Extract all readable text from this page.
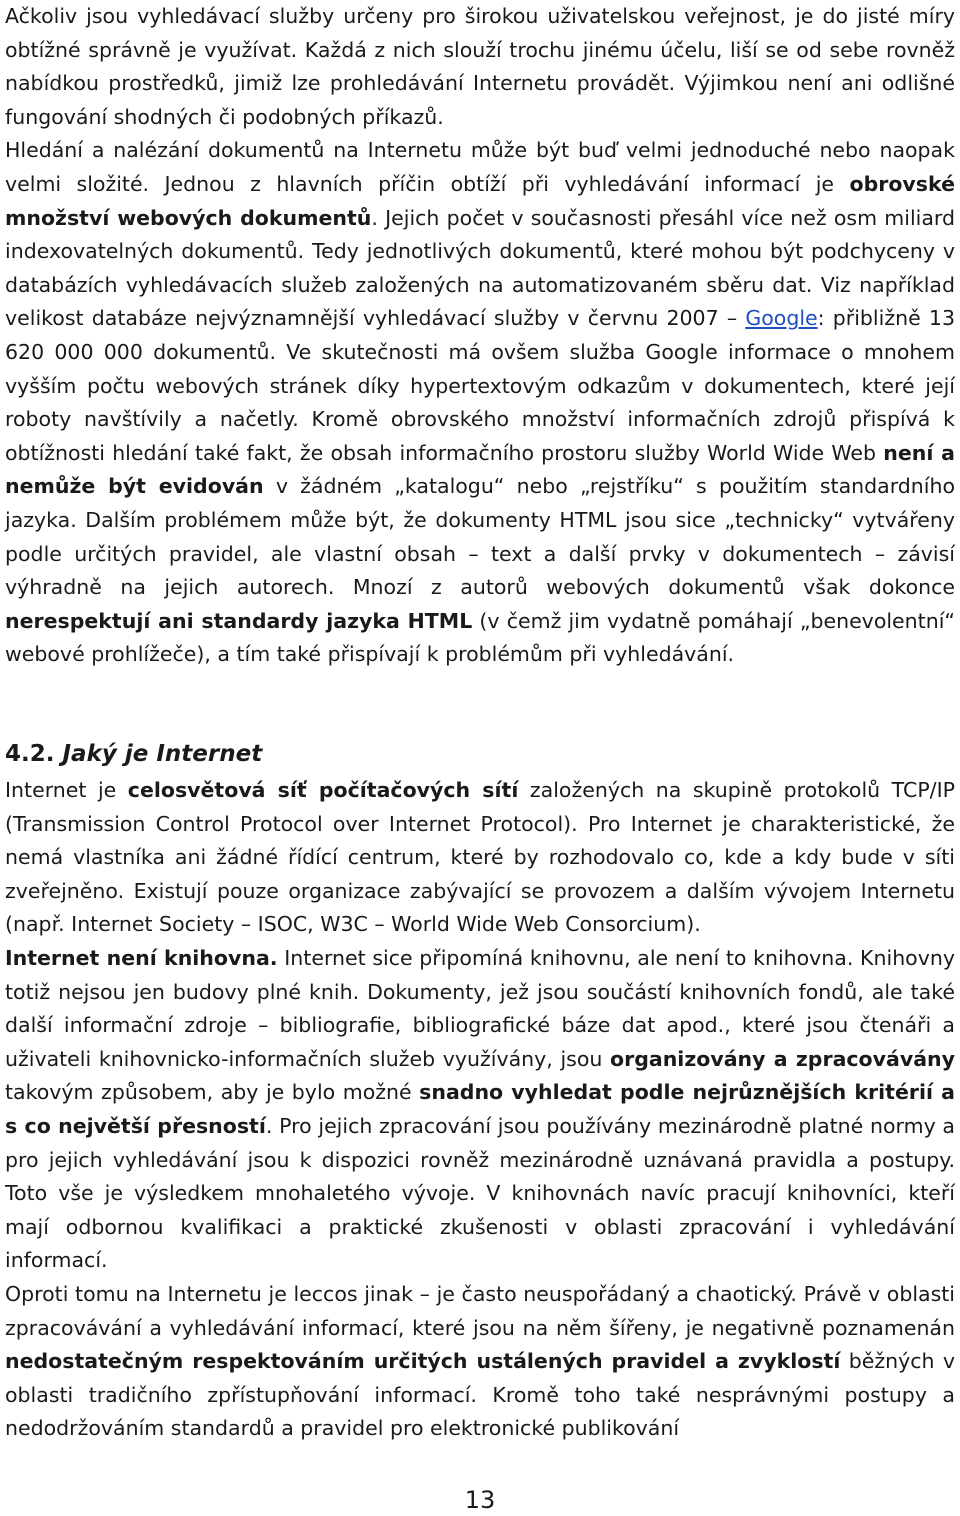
Ačkoliv jsou vyhledávací služby určeny pro širokou uživatelskou veřejnost, je do jisté míry obtížné správně je využívat. Každá z nich slouží trochu jinému účelu, liší se od sebe rovněž nabídkou prostředků, jimiž lze prohledávání Internetu provádět. Výjimkou není ani odlišné fungování shodných či podobných příkazů.

Hledání a nalézání dokumentů na Internetu může být buď velmi jednoduché nebo naopak velmi složité. Jednou z hlavních příčin obtíží při vyhledávání informací je obrovské množství webových dokumentů. Jejich počet v současnosti přesáhl více než osm miliard indexovatelných dokumentů. Tedy jednotlivých dokumentů, které mohou být podchyceny v databázích vyhledávacích služeb založených na automatizovaném sběru dat. Viz například velikost databáze nejvýznamnější vyhledávací služby v červnu 2007 – Google: přibližně 13 620 000 000 dokumentů. Ve skutečnosti má ovšem služba Google informace o mnohem vyšším počtu webových stránek díky hypertextovým odkazům v dokumentech, které její roboty navštívily a načetly. Kromě obrovského množství informačních zdrojů přispívá k obtížnosti hledání také fakt, že obsah informačního prostoru služby World Wide Web není a nemůže být evidován v žádném „katalogu“ nebo „rejstříku“ s použitím standardního jazyka. Dalším problémem může být, že dokumenty HTML jsou sice „technicky“ vytvářeny podle určitých pravidel, ale vlastní obsah – text a další prvky v dokumentech – závisí výhradně na jejich autorech. Mnozí z autorů webových dokumentů však dokonce nerespektují ani standardy jazyka HTML (v čemž jim vydatně pomáhají „benevolentní“ webové prohlížeče), a tím také přispívají k problémům při vyhledávání.

4.2. Jaký je Internet

Internet je celosvětová síť počítačových sítí založených na skupině protokolů TCP/IP (Transmission Control Protocol over Internet Protocol). Pro Internet je charakteristické, že nemá vlastníka ani žádné řídící centrum, které by rozhodovalo co, kde a kdy bude v síti zveřejněno. Existují pouze organizace zabývající se provozem a dalším vývojem Internetu (např. Internet Society – ISOC, W3C – World Wide Web Consorcium).

Internet není knihovna. Internet sice připomíná knihovnu, ale není to knihovna. Knihovny totiž nejsou jen budovy plné knih. Dokumenty, jež jsou součástí knihovních fondů, ale také další informační zdroje – bibliografie, bibliografické báze dat apod., které jsou čtenáři a uživateli knihovnicko-informačních služeb využívány, jsou organizovány a zpracovávány takovým způsobem, aby je bylo možné snadno vyhledat podle nejrůznějších kritérií a s co největší přesností. Pro jejich zpracování jsou používány mezinárodně platné normy a pro jejich vyhledávání jsou k dispozici rovněž mezinárodně uznávaná pravidla a postupy. Toto vše je výsledkem mnohaletého vývoje. V knihovnách navíc pracují knihovníci, kteří mají odbornou kvalifikaci a praktické zkušenosti v oblasti zpracování i vyhledávání informací.

Oproti tomu na Internetu je leccos jinak – je často neuspořádaný a chaotický. Právě v oblasti zpracovávání a vyhledávání informací, které jsou na něm šířeny, je negativně poznamenán nedostatečným respektováním určitých ustálených pravidel a zvyklostí běžných v oblasti tradičního zpřístupňování informací. Kromě toho také nesprávnými postupy a nedodržováním standardů a pravidel pro elektronické publikování

13
